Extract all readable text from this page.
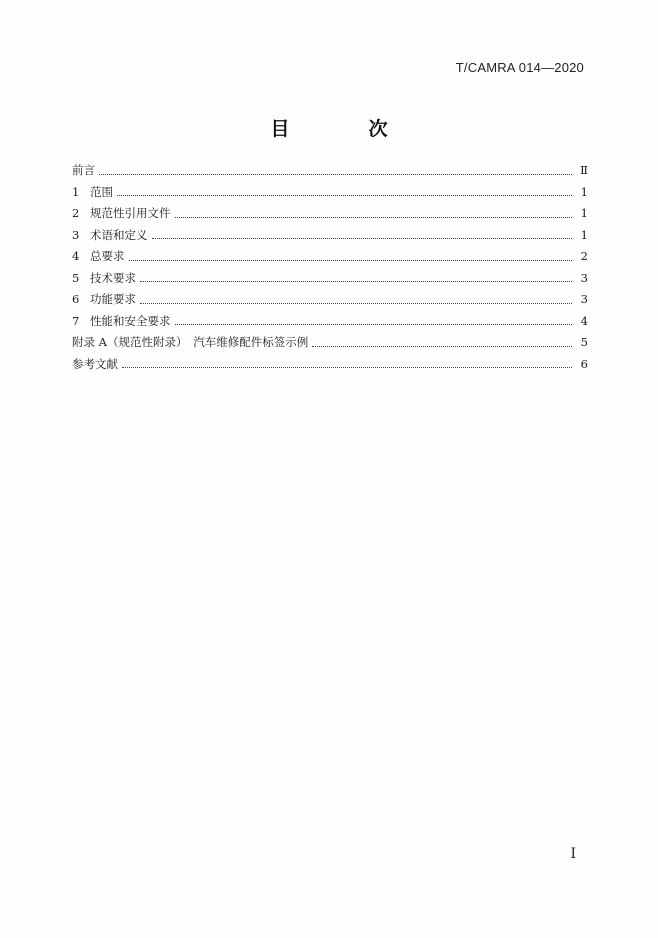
T/CAMRA 014—2020
目　次
前言	Ⅱ
1 范围	1
2 规范性引用文件	1
3 术语和定义	1
4 总要求	2
5 技术要求	3
6 功能要求	3
7 性能和安全要求	4
附录 A（规范性附录）　汽车维修配件标签示例	5
参考文献	6
I
